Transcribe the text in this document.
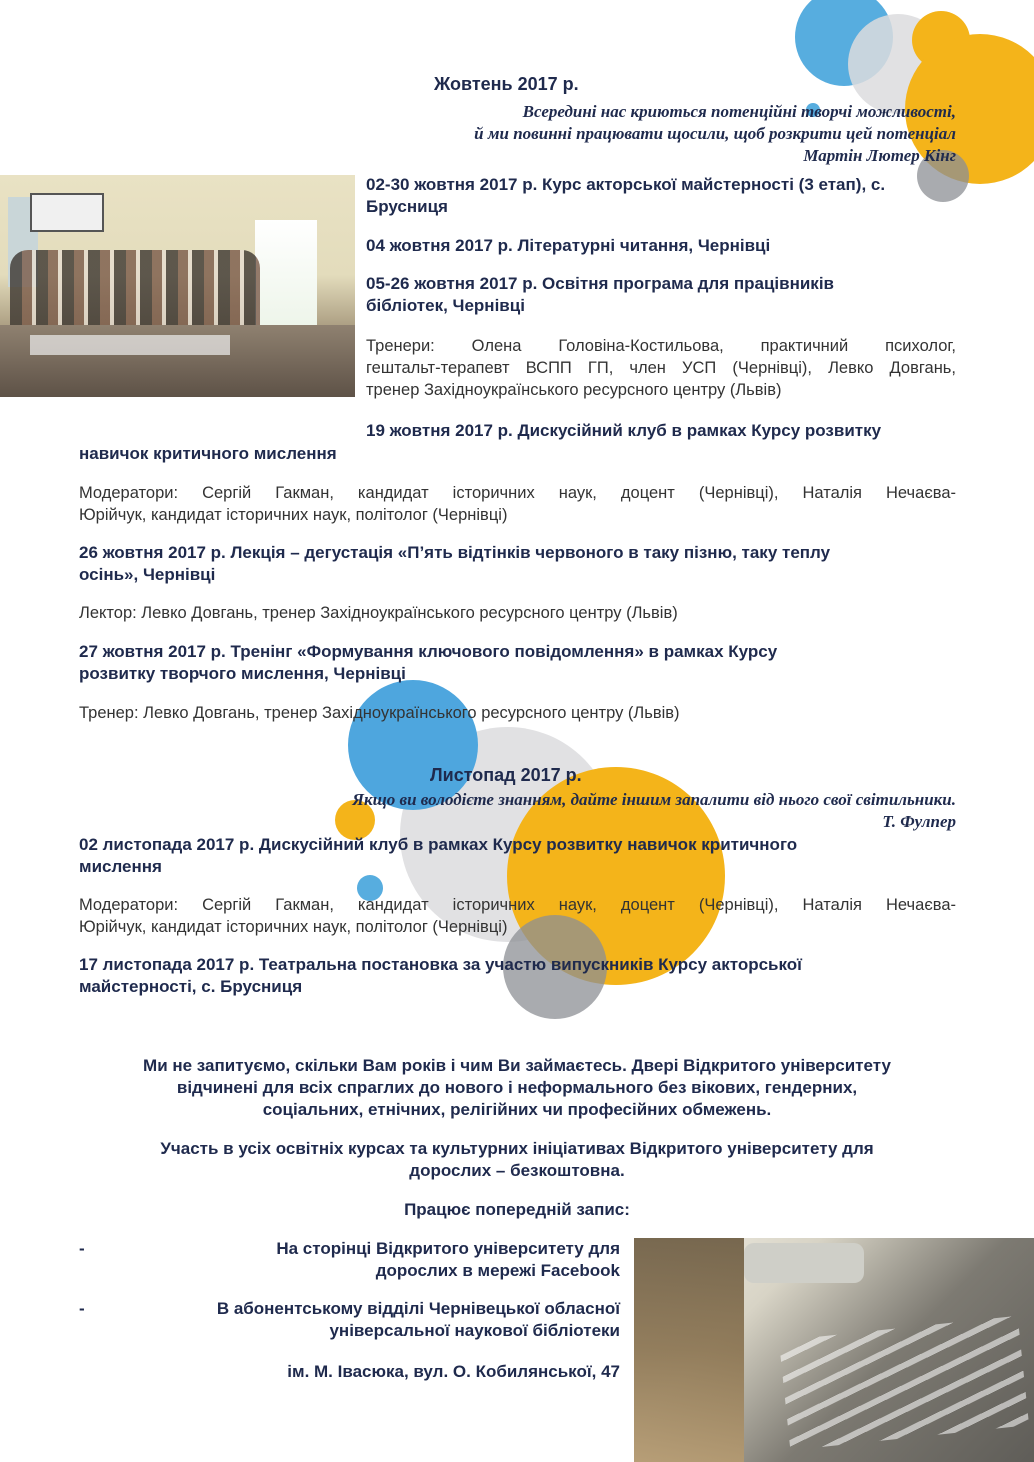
Жовтень 2017 р.
Всередині нас криються потенційні творчі можливості,
й ми повинні працювати щосили, щоб розкрити цей потенціал
Мартін Лютер Кінг
02-30 жовтня 2017 р. Курс акторської майстерності (3 етап), с.
Брусниця
04 жовтня 2017 р. Літературні читання, Чернівці
05-26 жовтня 2017 р. Освітня програма для працівників
бібліотек, Чернівці
Тренери: Олена Головіна-Костильова, практичний психолог,
гештальт-терапевт ВСПП ГП, член УСП (Чернівці), Левко Довгань,
тренер Західноукраїнського ресурсного центру (Львів)
19 жовтня 2017 р. Дискусійний клуб в рамках Курсу розвитку
навичок критичного мислення
Модератори: Сергій Гакман, кандидат історичних наук, доцент (Чернівці), Наталія Нечаєва-
Юрійчук, кандидат історичних наук, політолог (Чернівці)
26 жовтня 2017 р. Лекція – дегустація «П’ять відтінків червоного в таку пізню, таку теплу
осінь», Чернівці
Лектор: Левко Довгань, тренер Західноукраїнського ресурсного центру (Львів)
27 жовтня 2017 р. Тренінг «Формування ключового повідомлення» в рамках Курсу
розвитку творчого мислення, Чернівці
Тренер: Левко Довгань, тренер Західноукраїнського ресурсного центру (Львів)
Листопад 2017 р.
Якщо ви володієте знанням, дайте іншим запалити від нього свої світильники.
Т. Фулпер
02 листопада 2017 р. Дискусійний клуб в рамках Курсу розвитку навичок критичного
мислення
Модератори: Сергій Гакман, кандидат історичних наук, доцент (Чернівці), Наталія Нечаєва-
Юрійчук, кандидат історичних наук, політолог (Чернівці)
17 листопада 2017 р. Театральна постановка за участю випускників Курсу акторської
майстерності, с. Брусниця
Ми не запитуємо, скільки Вам років і чим Ви займаєтесь. Двері Відкритого університету
відчинені для всіх спраглих до нового і неформального без вікових, гендерних,
соціальних, етнічних, релігійних чи професійних обмежень.
Участь в усіх освітніх курсах та культурних ініціативах Відкритого університету для
дорослих – безкоштовна.
Працює попередній запис:
-	На сторінці Відкритого університету для
дорослих в мережі Facebook
-	В абонентському відділі Чернівецької обласної
універсальної наукової бібліотеки
ім. М. Івасюка, вул. О. Кобилянської, 47
